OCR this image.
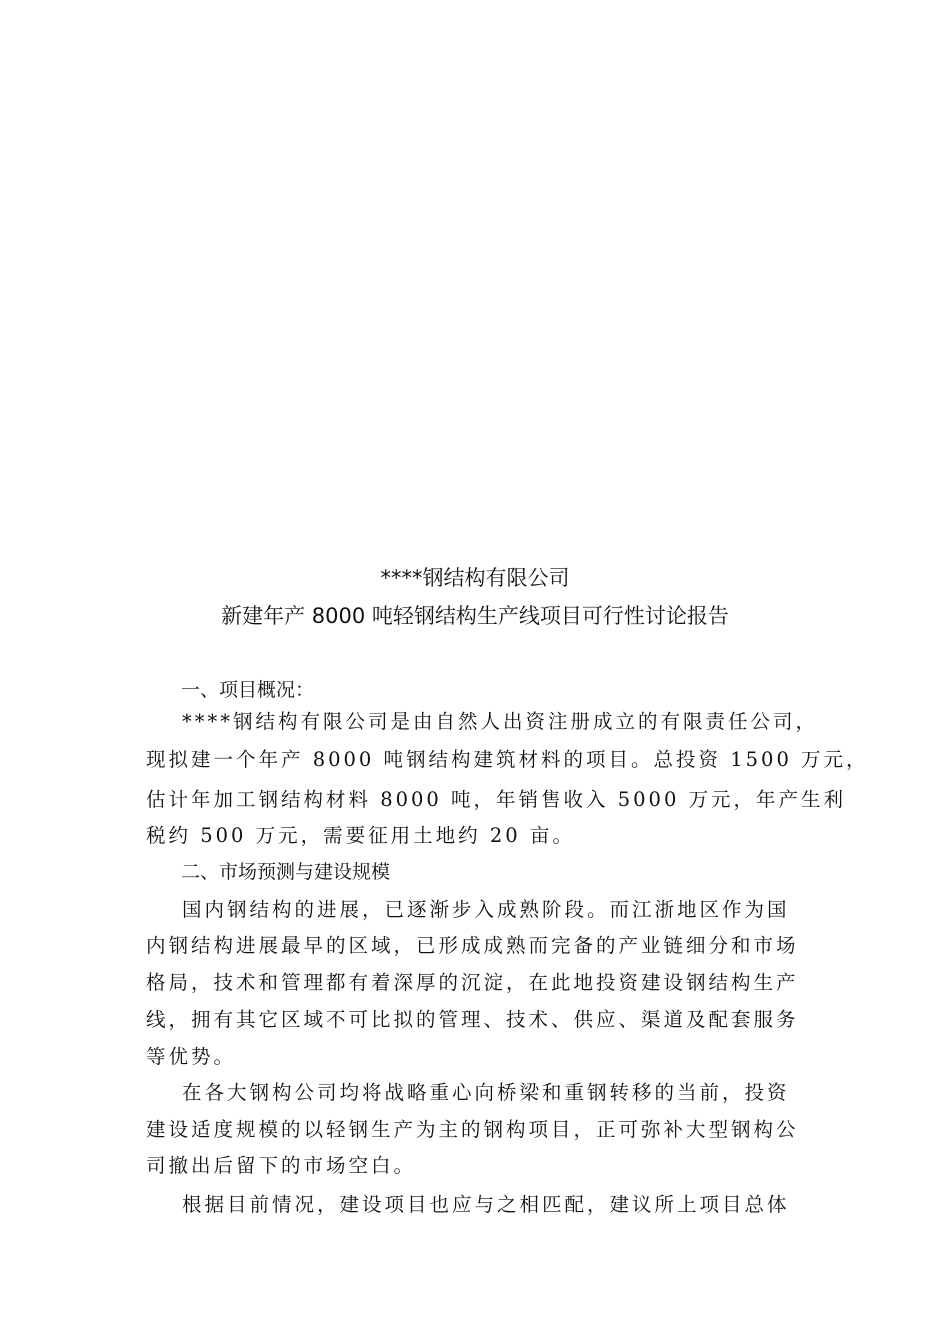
****钢结构有限公司
新建年产 8000 吨轻钢结构生产线项目可行性讨论报告
一、项目概况：
****钢结构有限公司是由自然人出资注册成立的有限责任公司，
现拟建一个年产 8000 吨钢结构建筑材料的项目。总投资 1500 万元，
估计年加工钢结构材料 8000 吨，年销售收入 5000 万元，年产生利
税约 500 万元，需要征用土地约 20 亩。
二、市场预测与建设规模
国内钢结构的进展，已逐渐步入成熟阶段。而江浙地区作为国
内钢结构进展最早的区域，已形成成熟而完备的产业链细分和市场
格局，技术和管理都有着深厚的沉淀，在此地投资建设钢结构生产
线，拥有其它区域不可比拟的管理、技术、供应、渠道及配套服务
等优势。
在各大钢构公司均将战略重心向桥梁和重钢转移的当前，投资
建设适度规模的以轻钢生产为主的钢构项目，正可弥补大型钢构公
司撤出后留下的市场空白。
根据目前情况，建设项目也应与之相匹配，建议所上项目总体
